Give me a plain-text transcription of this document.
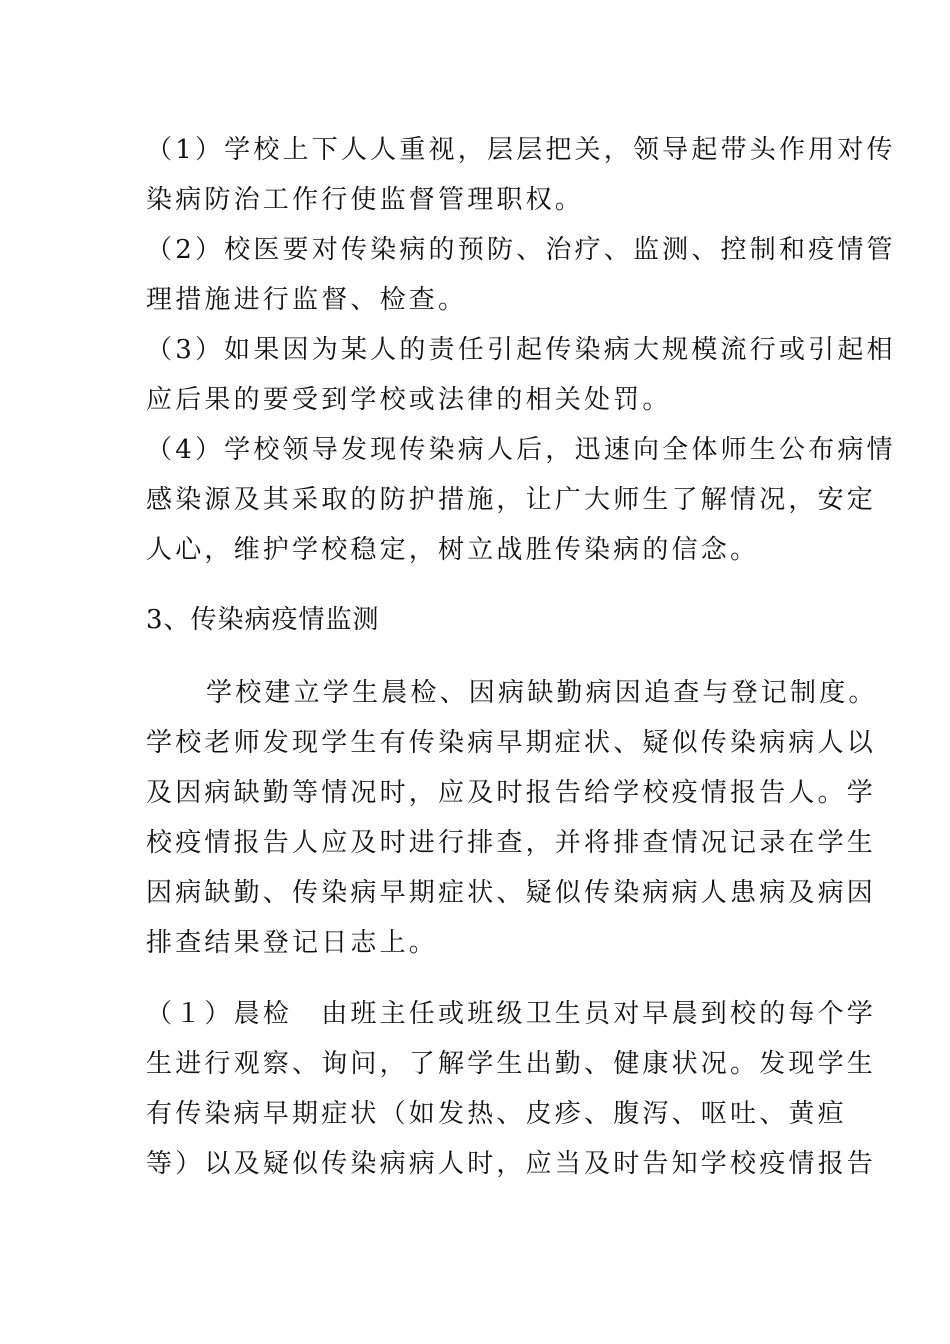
（1）学校上下人人重视，层层把关，领导起带头作用对传
染病防治工作行使监督管理职权。
（2）校医要对传染病的预防、治疗、监测、控制和疫情管
理措施进行监督、检查。
（3）如果因为某人的责任引起传染病大规模流行或引起相
应后果的要受到学校或法律的相关处罚。
（4）学校领导发现传染病人后，迅速向全体师生公布病情
感染源及其采取的防护措施，让广大师生了解情况，安定
人心，维护学校稳定，树立战胜传染病的信念。
3、传染病疫情监测
学校建立学生晨检、因病缺勤病因追查与登记制度。
学校老师发现学生有传染病早期症状、疑似传染病病人以
及因病缺勤等情况时，应及时报告给学校疫情报告人。学
校疫情报告人应及时进行排查，并将排查情况记录在学生
因病缺勤、传染病早期症状、疑似传染病病人患病及病因
排查结果登记日志上。
（１）晨检　由班主任或班级卫生员对早晨到校的每个学
生进行观察、询问，了解学生出勤、健康状况。发现学生
有传染病早期症状（如发热、皮疹、腹泻、呕吐、黄疸
等）以及疑似传染病病人时，应当及时告知学校疫情报告
